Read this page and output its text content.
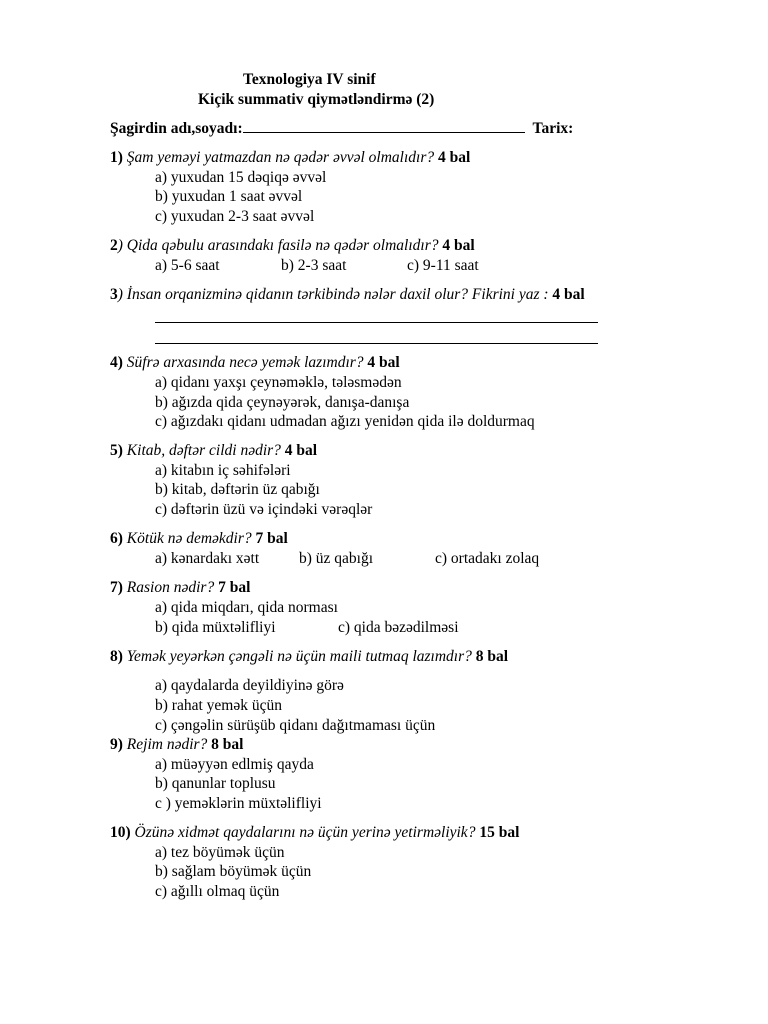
Texnologiya IV sinif
Kiçik summativ qiymətləndirmə (2)
Şagirdin adı,soyadı:	Tarix:
1) Şam yeməyi yatmazdan nə qədər əvvəl olmalıdır? 4 bal
a) yuxudan 15 dəqiqə əvvəl
b) yuxudan 1 saat əvvəl
c) yuxudan 2-3 saat əvvəl
2) Qida qəbulu arasındakı fasilə nə qədər olmalıdır? 4 bal
a) 5-6 saat	b) 2-3 saat	c) 9-11 saat
3) İnsan orqanizminə qidanın tərkibində nələr daxil olur? Fikrini yaz : 4 bal
4) Süfrə arxasında necə yemək lazımdır? 4 bal
a) qidanı yaxşı çeynəməklə, tələsmədən
b) ağızda qida çeynəyərək, danışa-danışa
c) ağızdakı qidanı udmadan ağızı yenidən qida ilə doldurmaq
5) Kitab, dəftər cildi nədir? 4 bal
a) kitabın iç səhifələri
b) kitab, dəftərin üz qabığı
c) dəftərin üzü və içindəki vərəqlər
6) Kötük nə deməkdir? 7 bal
a) kənardakı xətt	b) üz qabığı	c) ortadakı zolaq
7) Rasion nədir? 7 bal
a) qida miqdarı, qida norması
b) qida müxtəlifliyi	c) qida bəzədilməsi
8) Yemək yeyərkən çəngəli nə üçün maili tutmaq lazımdır? 8 bal
a) qaydalarda deyildiyinə görə
b) rahat yemək üçün
c) çəngəlin sürüşüb qidanı dağıtmaması üçün
9) Rejim nədir? 8 bal
a) müəyyən edlmiş qayda
b) qanunlar toplusu
c ) yeməklərin müxtəlifliyi
10) Özünə xidmət qaydalarını nə üçün yerinə yetirməliyik? 15 bal
a) tez böyümək üçün
b) sağlam böyümək üçün
c) ağıllı olmaq üçün
